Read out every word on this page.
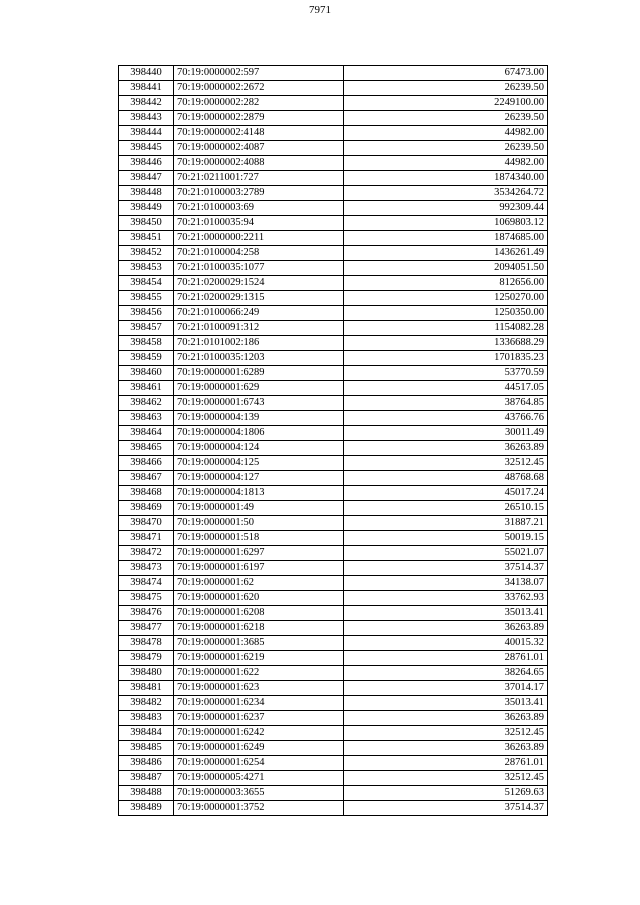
7971
398440	70:19:0000002:597	67473.00
398441	70:19:0000002:2672	26239.50
398442	70:19:0000002:282	2249100.00
398443	70:19:0000002:2879	26239.50
398444	70:19:0000002:4148	44982.00
398445	70:19:0000002:4087	26239.50
398446	70:19:0000002:4088	44982.00
398447	70:21:0211001:727	1874340.00
398448	70:21:0100003:2789	3534264.72
398449	70:21:0100003:69	992309.44
398450	70:21:0100035:94	1069803.12
398451	70:21:0000000:2211	1874685.00
398452	70:21:0100004:258	1436261.49
398453	70:21:0100035:1077	2094051.50
398454	70:21:0200029:1524	812656.00
398455	70:21:0200029:1315	1250270.00
398456	70:21:0100066:249	1250350.00
398457	70:21:0100091:312	1154082.28
398458	70:21:0101002:186	1336688.29
398459	70:21:0100035:1203	1701835.23
398460	70:19:0000001:6289	53770.59
398461	70:19:0000001:629	44517.05
398462	70:19:0000001:6743	38764.85
398463	70:19:0000004:139	43766.76
398464	70:19:0000004:1806	30011.49
398465	70:19:0000004:124	36263.89
398466	70:19:0000004:125	32512.45
398467	70:19:0000004:127	48768.68
398468	70:19:0000004:1813	45017.24
398469	70:19:0000001:49	26510.15
398470	70:19:0000001:50	31887.21
398471	70:19:0000001:518	50019.15
398472	70:19:0000001:6297	55021.07
398473	70:19:0000001:6197	37514.37
398474	70:19:0000001:62	34138.07
398475	70:19:0000001:620	33762.93
398476	70:19:0000001:6208	35013.41
398477	70:19:0000001:6218	36263.89
398478	70:19:0000001:3685	40015.32
398479	70:19:0000001:6219	28761.01
398480	70:19:0000001:622	38264.65
398481	70:19:0000001:623	37014.17
398482	70:19:0000001:6234	35013.41
398483	70:19:0000001:6237	36263.89
398484	70:19:0000001:6242	32512.45
398485	70:19:0000001:6249	36263.89
398486	70:19:0000001:6254	28761.01
398487	70:19:0000005:4271	32512.45
398488	70:19:0000003:3655	51269.63
398489	70:19:0000001:3752	37514.37
